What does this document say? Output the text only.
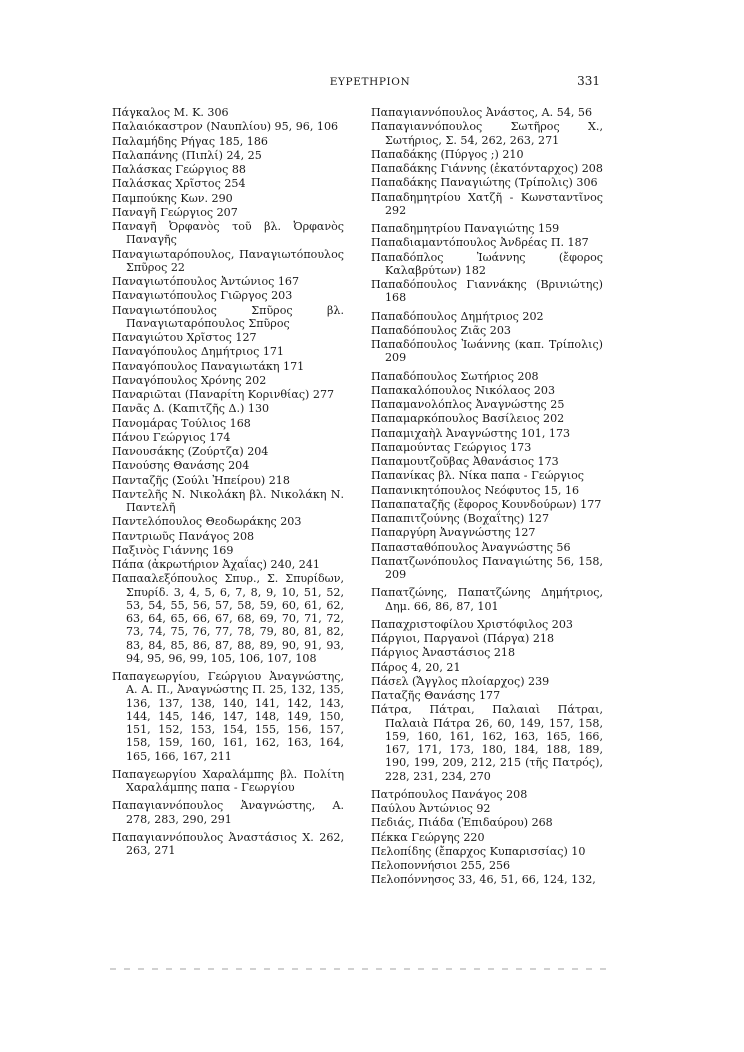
ΕΥΡΕΤΗΡΙΟΝ	331

Πάγκαλος Μ. Κ. 306

Παλαιόκαστρον (Ναυπλίου) 95, 96, 106

Παλαμήδης Ρήγας 185, 186

Παλαπάνης (Πιπλί) 24, 25

Παλάσκας Γεώργιος 88

Παλάσκας Χρῖστος 254

Παμπούκης Κων. 290

Παναγῆ Γεώργιος 207

Παναγῆ Ὀρφανὸς τοῦ βλ. Ὀρφανὸς Παναγῆς

Παναγιωταρόπουλος, Παναγιωτόπουλος Σπῦρος 22

Παναγιωτόπουλος Ἀντώνιος 167

Παναγιωτόπουλος Γιῶργος 203

Παναγιωτόπουλος Σπῦρος βλ. Παναγιωταρόπουλος Σπῦρος

Παναγιώτου Χρῖστος 127

Παναγόπουλος Δημήτριος 171

Παναγόπουλος Παναγιωτάκη 171

Παναγόπουλος Χρόνης 202

Παναριῶται (Παναρίτη Κορινθίας) 277

Πανᾶς Δ. (Καπιτζῆς Δ.) 130

Πανομάρας Τούλιος 168

Πάνου Γεώργιος 174

Πανουσάκης (Ζούρτζα) 204

Πανούσης Θανάσης 204

Πανταζῆς (Σούλι Ἠπείρου) 218

Παντελῆς Ν. Νικολάκη βλ. Νικολάκη Ν. Παντελῆ

Παντελόπουλος Θεοδωράκης 203

Παντριωῦς Πανάγος 208

Παξινὸς Γιάννης 169

Πάπα (ἀκρωτήριον Ἀχαΐας) 240, 241

Παπααλεξόπουλος Σπυρ., Σ. Σπυρίδων, Σπυρίδ. 3, 4, 5, 6, 7, 8, 9, 10, 51, 52, 53, 54, 55, 56, 57, 58, 59, 60, 61, 62, 63, 64, 65, 66, 67, 68, 69, 70, 71, 72, 73, 74, 75, 76, 77, 78, 79, 80, 81, 82, 83, 84, 85, 86, 87, 88, 89, 90, 91, 93, 94, 95, 96, 99, 105, 106, 107, 108

Παπαγεωργίου, Γεώργιου Ἀναγνώστης, Α. Α. Π., Ἀναγνώστης Π. 25, 132, 135, 136, 137, 138, 140, 141, 142, 143, 144, 145, 146, 147, 148, 149, 150, 151, 152, 153, 154, 155, 156, 157, 158, 159, 160, 161, 162, 163, 164, 165, 166, 167, 211

Παπαγεωργίου Χαραλάμπης βλ. Πολίτη Χαραλάμπης παπα - Γεωργίου

Παπαγιαννόπουλος Ἀναγνώστης, Α. 278, 283, 290, 291

Παπαγιαννόπουλος Ἀναστάσιος Χ. 262, 263, 271

Παπαγιαννόπουλος Ἀνάστος, Α. 54, 56

Παπαγιαννόπουλος Σωτῆρος Χ., Σωτήριος, Σ. 54, 262, 263, 271

Παπαδάκης (Πύργος ;) 210

Παπαδάκης Γιάννης (ἑκατόνταρχος) 208

Παπαδάκης Παναγιώτης (Τρίπολις) 306

Παπαδημητρίου Χατζῆ - Κωνσταντῖνος 292

Παπαδημητρίου Παναγιώτης 159

Παπαδιαμαντόπουλος Ἀνδρέας Π. 187

Παπαδόπλος Ἰωάννης (ἔφορος Καλαβρύτων) 182

Παπαδόπουλος Γιαννάκης (Βρινιώτης) 168

Παπαδόπουλος Δημήτριος 202

Παπαδόπουλος Ζιᾶς 203

Παπαδόπουλος Ἰωάννης (καπ. Τρίπολις) 209

Παπαδόπουλος Σωτήριος 208

Παπακαλόπουλος Νικόλαος 203

Παπαμανολόπλος Ἀναγνώστης 25

Παπαμαρκόπουλος Βασίλειος 202

Παπαμιχαὴλ Ἀναγνώστης 101, 173

Παπαμούντας Γεώργιος 173

Παπαμουτζοῦβας Ἀθανάσιος 173

Παπανίκας βλ. Νίκα παπα - Γεώργιος

Παπανικητόπουλος Νεόφυτος 15, 16

Παπαπαταζῆς (ἔφορος Κουνδούρων) 177

Παπαπιτζούνης (Βοχαΐτης) 127

Παπαργύρη Ἀναγνώστης 127

Παπασταθόπουλος Ἀναγνώστης 56

Παπατζωνόπουλος Παναγιώτης 56, 158, 209

Παπατζώνης, Παπατζώνης Δημήτριος, Δημ. 66, 86, 87, 101

Παπαχριστοφίλου Χριστόφιλος 203

Πάργιοι, Παργανοὶ (Πάργα) 218

Πάργιος Ἀναστάσιος 218

Πάρος 4, 20, 21

Πάσελ (Ἄγγλος πλοίαρχος) 239

Παταζῆς Θανάσης 177

Πάτρα, Πάτραι, Παλαιαὶ Πάτραι, Παλαιὰ Πάτρα 26, 60, 149, 157, 158, 159, 160, 161, 162, 163, 165, 166, 167, 171, 173, 180, 184, 188, 189, 190, 199, 209, 212, 215 (τῆς Πατρός), 228, 231, 234, 270

Πατρόπουλος Πανάγος 208

Παύλου Ἀντώνιος 92

Πεδιάς, Πιάδα (Ἐπιδαύρου) 268

Πέκκα Γεώργης 220

Πελοπίδης (ἔπαρχος Κυπαρισσίας) 10

Πελοποννήσιοι 255, 256

Πελοπόννησος 33, 46, 51, 66, 124, 132,
